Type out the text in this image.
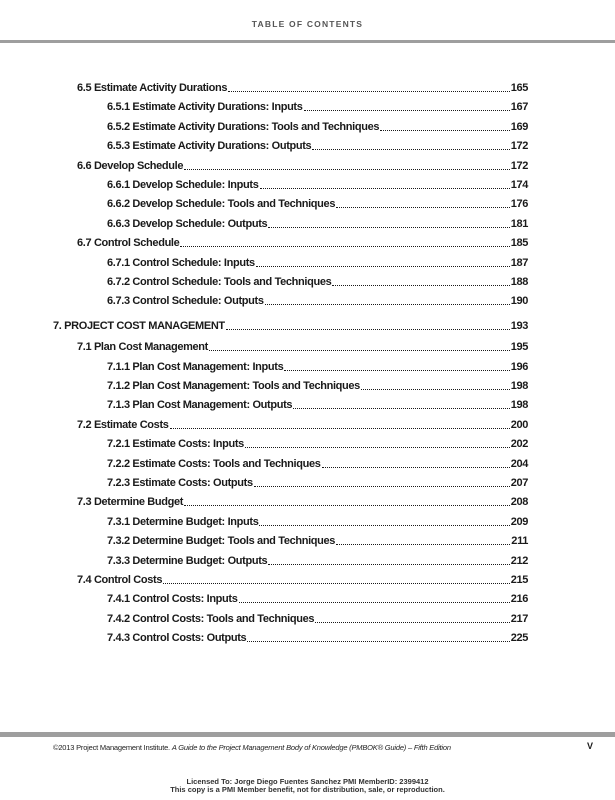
TABLE OF CONTENTS
6.5 Estimate Activity Durations	165
6.5.1 Estimate Activity Durations: Inputs	167
6.5.2 Estimate Activity Durations: Tools and Techniques	169
6.5.3 Estimate Activity Durations: Outputs	172
6.6 Develop Schedule	172
6.6.1 Develop Schedule: Inputs	174
6.6.2 Develop Schedule: Tools and Techniques	176
6.6.3 Develop Schedule: Outputs	181
6.7 Control Schedule	185
6.7.1 Control Schedule: Inputs	187
6.7.2 Control Schedule: Tools and Techniques	188
6.7.3 Control Schedule: Outputs	190
7. PROJECT COST MANAGEMENT	193
7.1 Plan Cost Management	195
7.1.1 Plan Cost Management: Inputs	196
7.1.2 Plan Cost Management: Tools and Techniques	198
7.1.3 Plan Cost Management: Outputs	198
7.2 Estimate Costs	200
7.2.1 Estimate Costs: Inputs	202
7.2.2 Estimate Costs: Tools and Techniques	204
7.2.3 Estimate Costs: Outputs	207
7.3 Determine Budget	208
7.3.1 Determine Budget: Inputs	209
7.3.2 Determine Budget: Tools and Techniques	211
7.3.3 Determine Budget: Outputs	212
7.4 Control Costs	215
7.4.1 Control Costs: Inputs	216
7.4.2 Control Costs: Tools and Techniques	217
7.4.3 Control Costs: Outputs	225
©2013 Project Management Institute. A Guide to the Project Management Body of Knowledge (PMBOK® Guide) – Fifth Edition	V
Licensed To: Jorge Diego Fuentes Sanchez PMI MemberID: 2399412
This copy is a PMI Member benefit, not for distribution, sale, or reproduction.
